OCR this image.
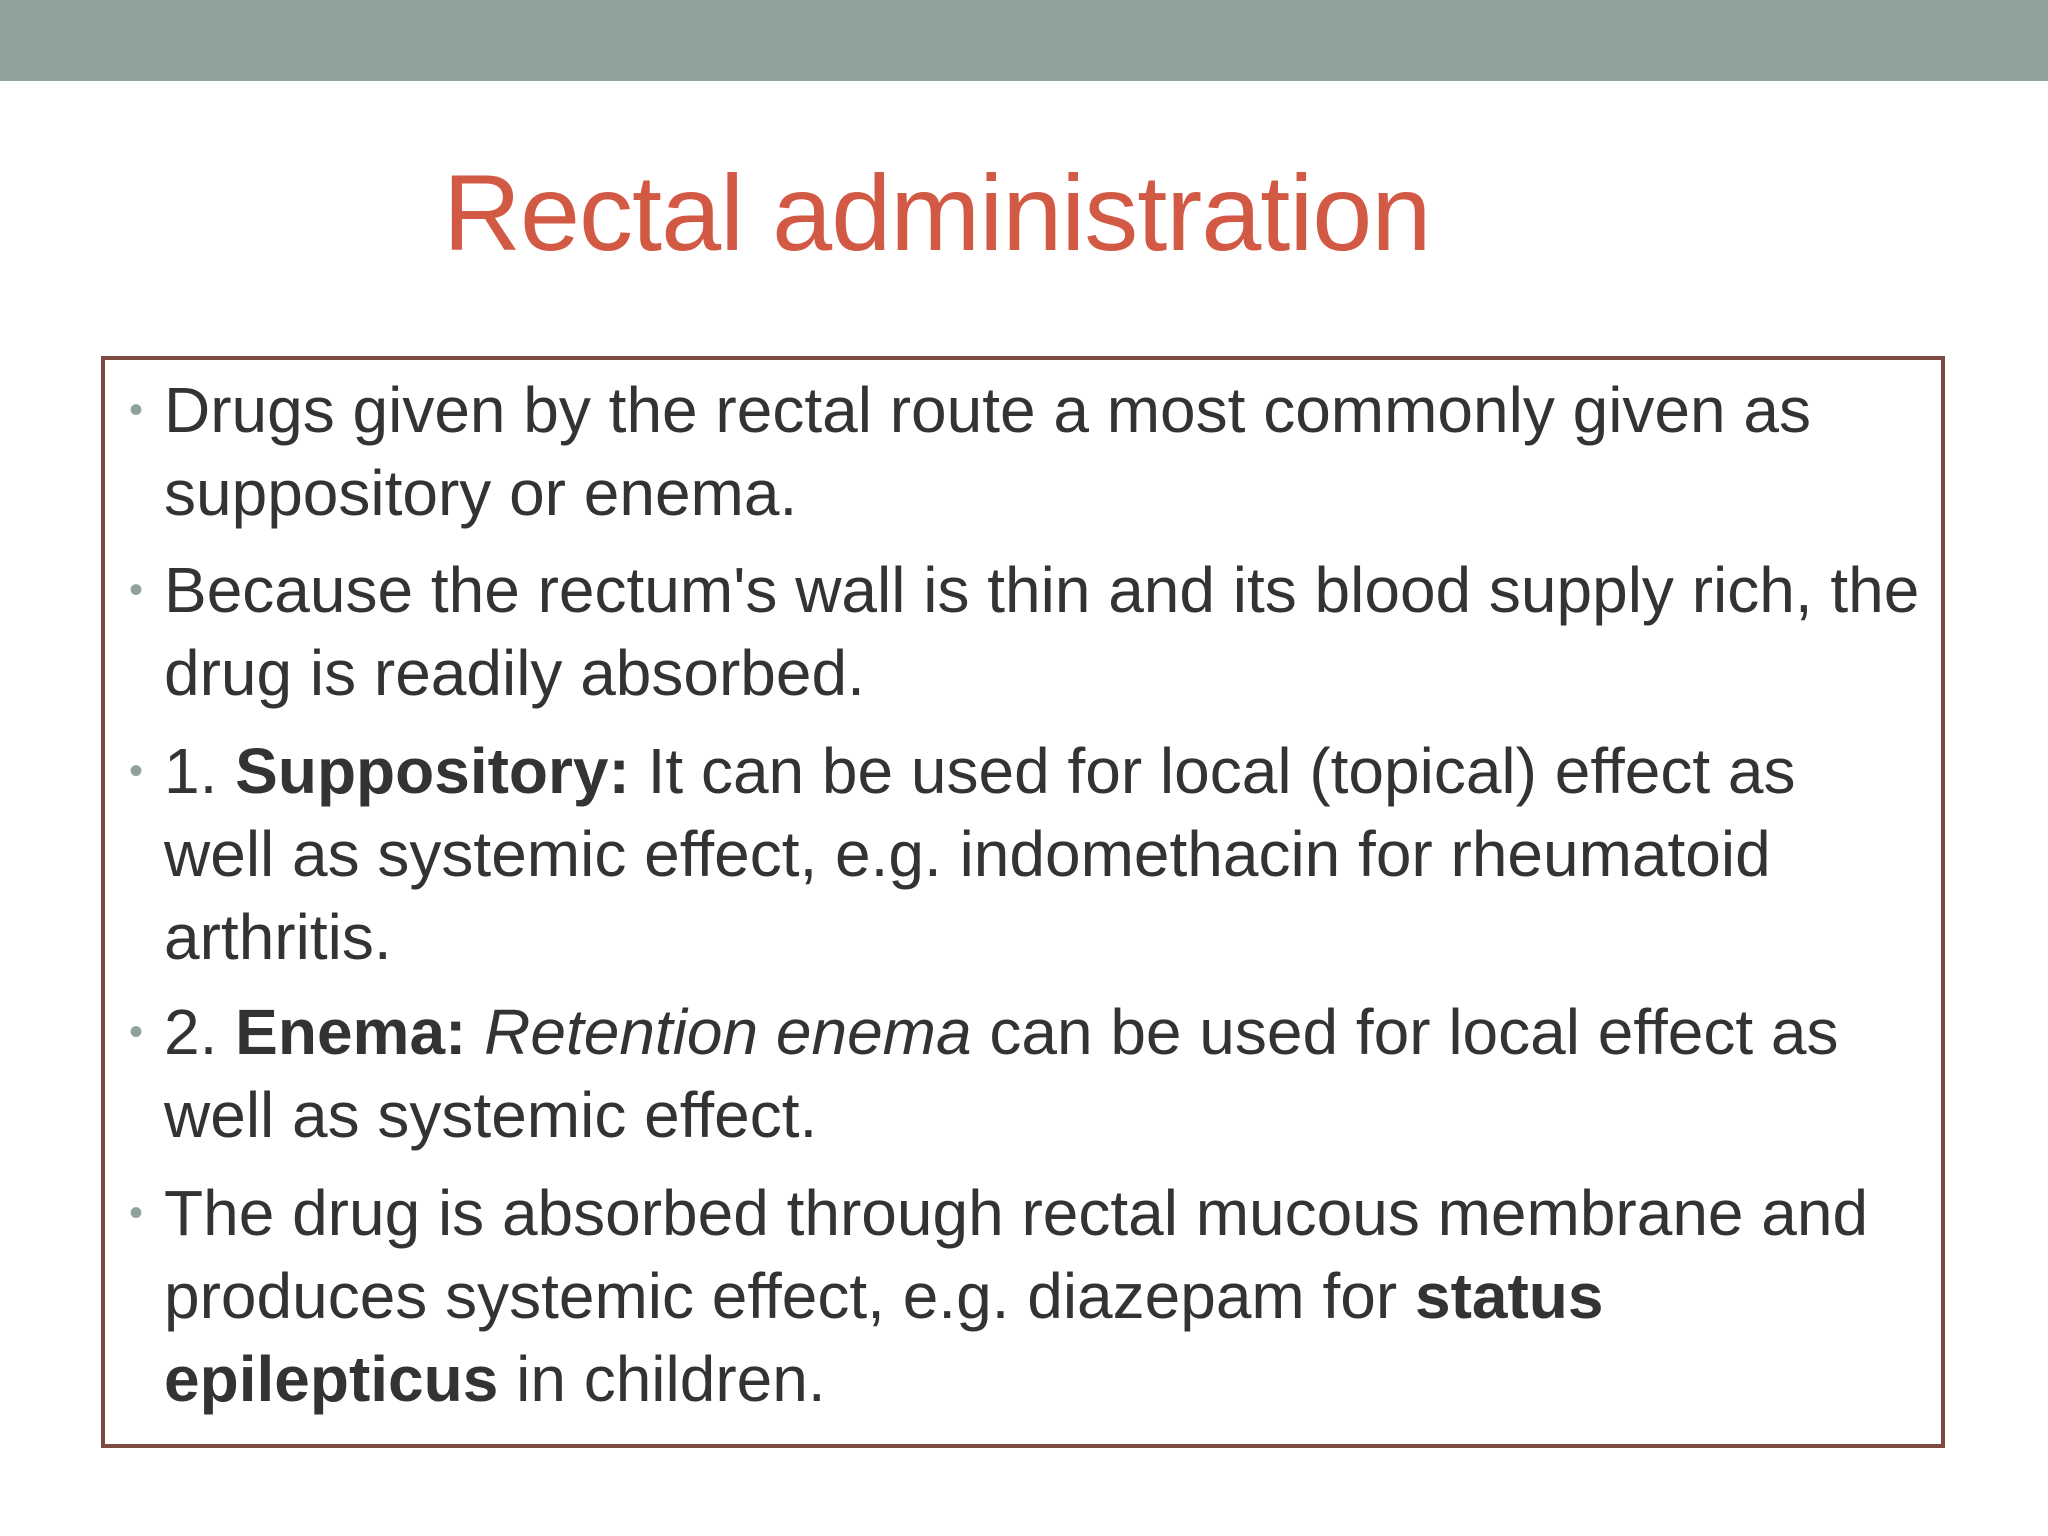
Rectal administration
• Drugs given by the rectal route a most commonly given as suppository or enema.
• Because the rectum's wall is thin and its blood supply rich, the drug is readily absorbed.
• 1. Suppository: It can be used for local (topical) effect as well as systemic effect, e.g. indomethacin for rheumatoid arthritis.
• 2. Enema: Retention enema can be used for local effect as well as systemic effect.
• The drug is absorbed through rectal mucous membrane and produces systemic effect, e.g. diazepam for status epilepticus in children.
